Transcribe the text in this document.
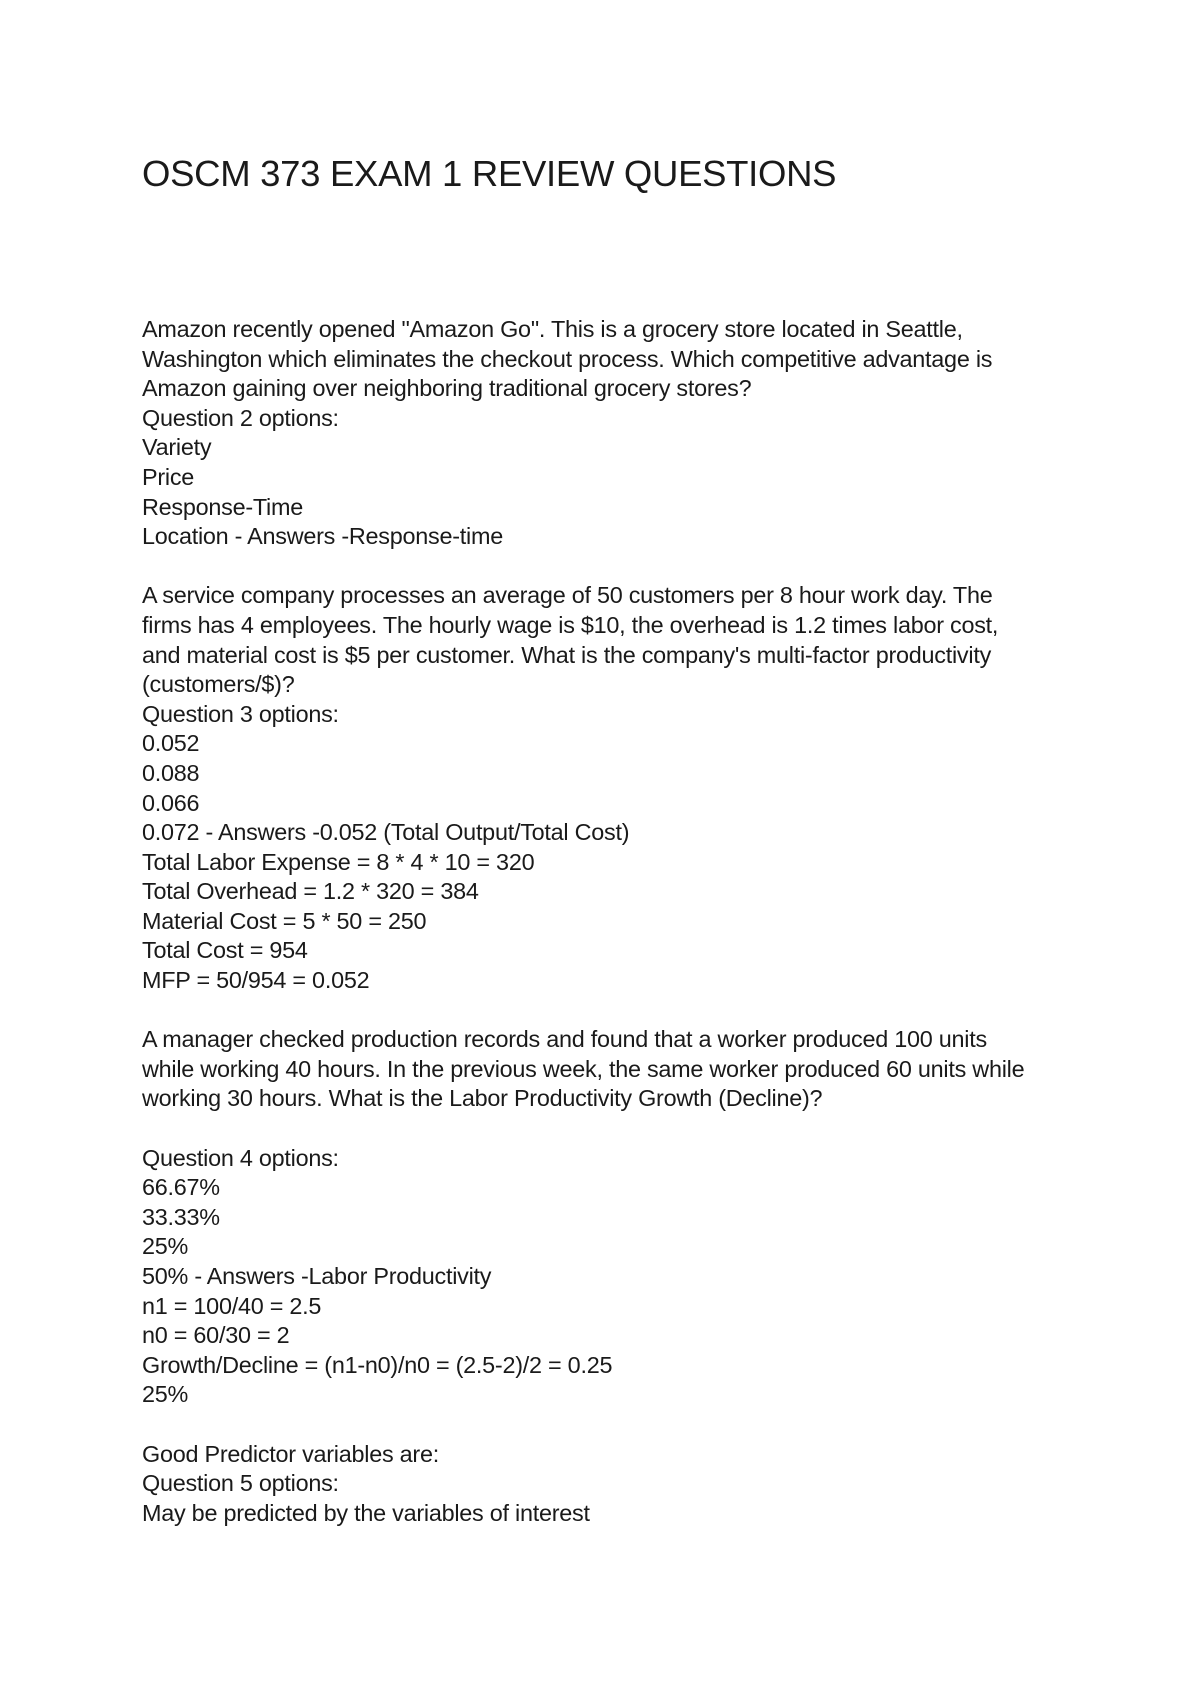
OSCM 373 EXAM 1 REVIEW QUESTIONS
Amazon recently opened "Amazon Go". This is a grocery store located in Seattle,
Washington which eliminates the checkout process. Which competitive advantage is
Amazon gaining over neighboring traditional grocery stores?
Question 2 options:
Variety
Price
Response-Time
Location - Answers -Response-time
A service company processes an average of 50 customers per 8 hour work day. The
firms has 4 employees. The hourly wage is $10, the overhead is 1.2 times labor cost,
and material cost is $5 per customer. What is the company's multi-factor productivity
(customers/$)?
Question 3 options:
0.052
0.088
0.066
0.072 - Answers -0.052 (Total Output/Total Cost)
Total Labor Expense = 8 * 4 * 10 = 320
Total Overhead = 1.2 * 320 = 384
Material Cost = 5 * 50 = 250
Total Cost = 954
MFP = 50/954 = 0.052
A manager checked production records and found that a worker produced 100 units
while working 40 hours. In the previous week, the same worker produced 60 units while
working 30 hours. What is the Labor Productivity Growth (Decline)?
Question 4 options:
66.67%
33.33%
25%
50% - Answers -Labor Productivity
n1 = 100/40 = 2.5
n0 = 60/30 = 2
Growth/Decline = (n1-n0)/n0 = (2.5-2)/2 = 0.25
25%
Good Predictor variables are:
Question 5 options:
May be predicted by the variables of interest
